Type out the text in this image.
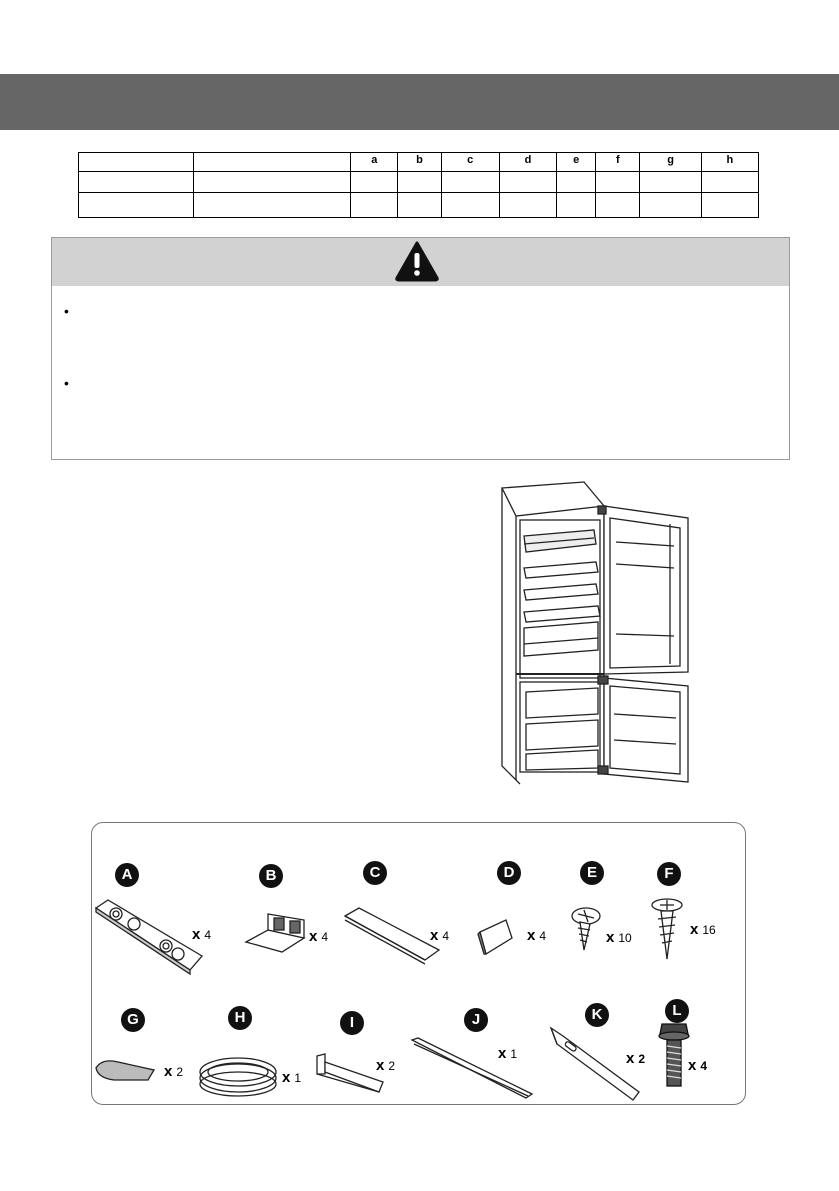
		a	b	c	d	e	f	g	h

•
•
A	B	C	D	E	F
G	H	I	J	K	L
x 4	x 4	x 4	x 4	x 10	x 16
x 2	x 1
x 2
x 1	x 2	x 4
